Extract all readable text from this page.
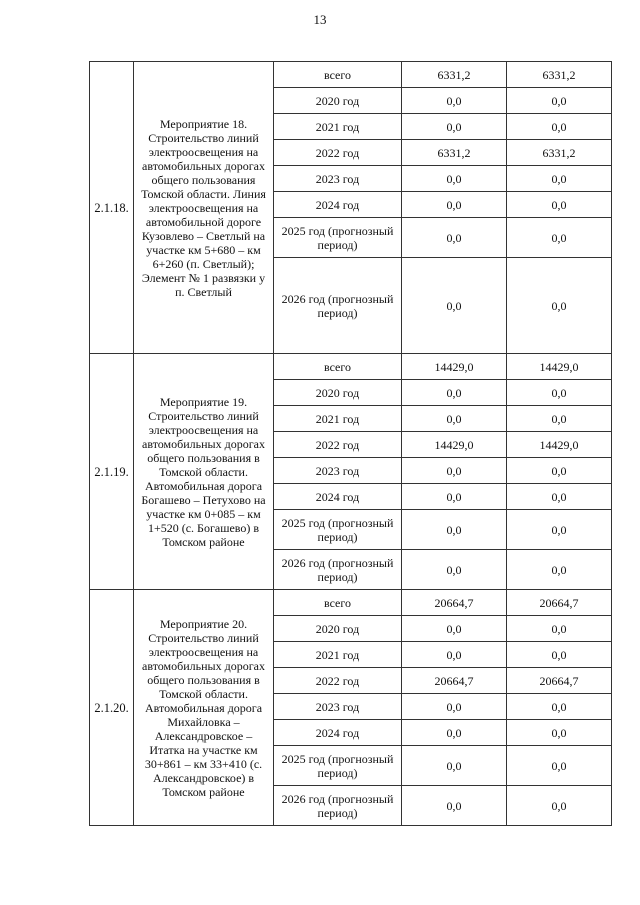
13
2.1.18.	Мероприятие 18. Строительство линий электроосвещения на автомобильных дорогах общего пользования Томской области. Линия электроосвещения на автомобильной дороге Кузовлево – Светлый на участке км 5+680 – км 6+260 (п. Светлый); Элемент № 1 развязки у п. Светлый	всего	6331,2	6331,2
		2020 год	0,0	0,0
		2021 год	0,0	0,0
		2022 год	6331,2	6331,2
		2023 год	0,0	0,0
		2024 год	0,0	0,0
		2025 год (прогнозный период)	0,0	0,0
		2026 год (прогнозный период)	0,0	0,0
2.1.19.	Мероприятие 19. Строительство линий электроосвещения на автомобильных дорогах общего пользования в Томской области. Автомобильная дорога Богашево – Петухово на участке км 0+085 – км 1+520 (с. Богашево) в Томском районе	всего	14429,0	14429,0
		2020 год	0,0	0,0
		2021 год	0,0	0,0
		2022 год	14429,0	14429,0
		2023 год	0,0	0,0
		2024 год	0,0	0,0
		2025 год (прогнозный период)	0,0	0,0
		2026 год (прогнозный период)	0,0	0,0
2.1.20.	Мероприятие 20. Строительство линий электроосвещения на автомобильных дорогах общего пользования в Томской области. Автомобильная дорога Михайловка – Александровское – Итатка на участке км 30+861 – км 33+410 (с. Александровское) в Томском районе	всего	20664,7	20664,7
		2020 год	0,0	0,0
		2021 год	0,0	0,0
		2022 год	20664,7	20664,7
		2023 год	0,0	0,0
		2024 год	0,0	0,0
		2025 год (прогнозный период)	0,0	0,0
		2026 год (прогнозный период)	0,0	0,0
